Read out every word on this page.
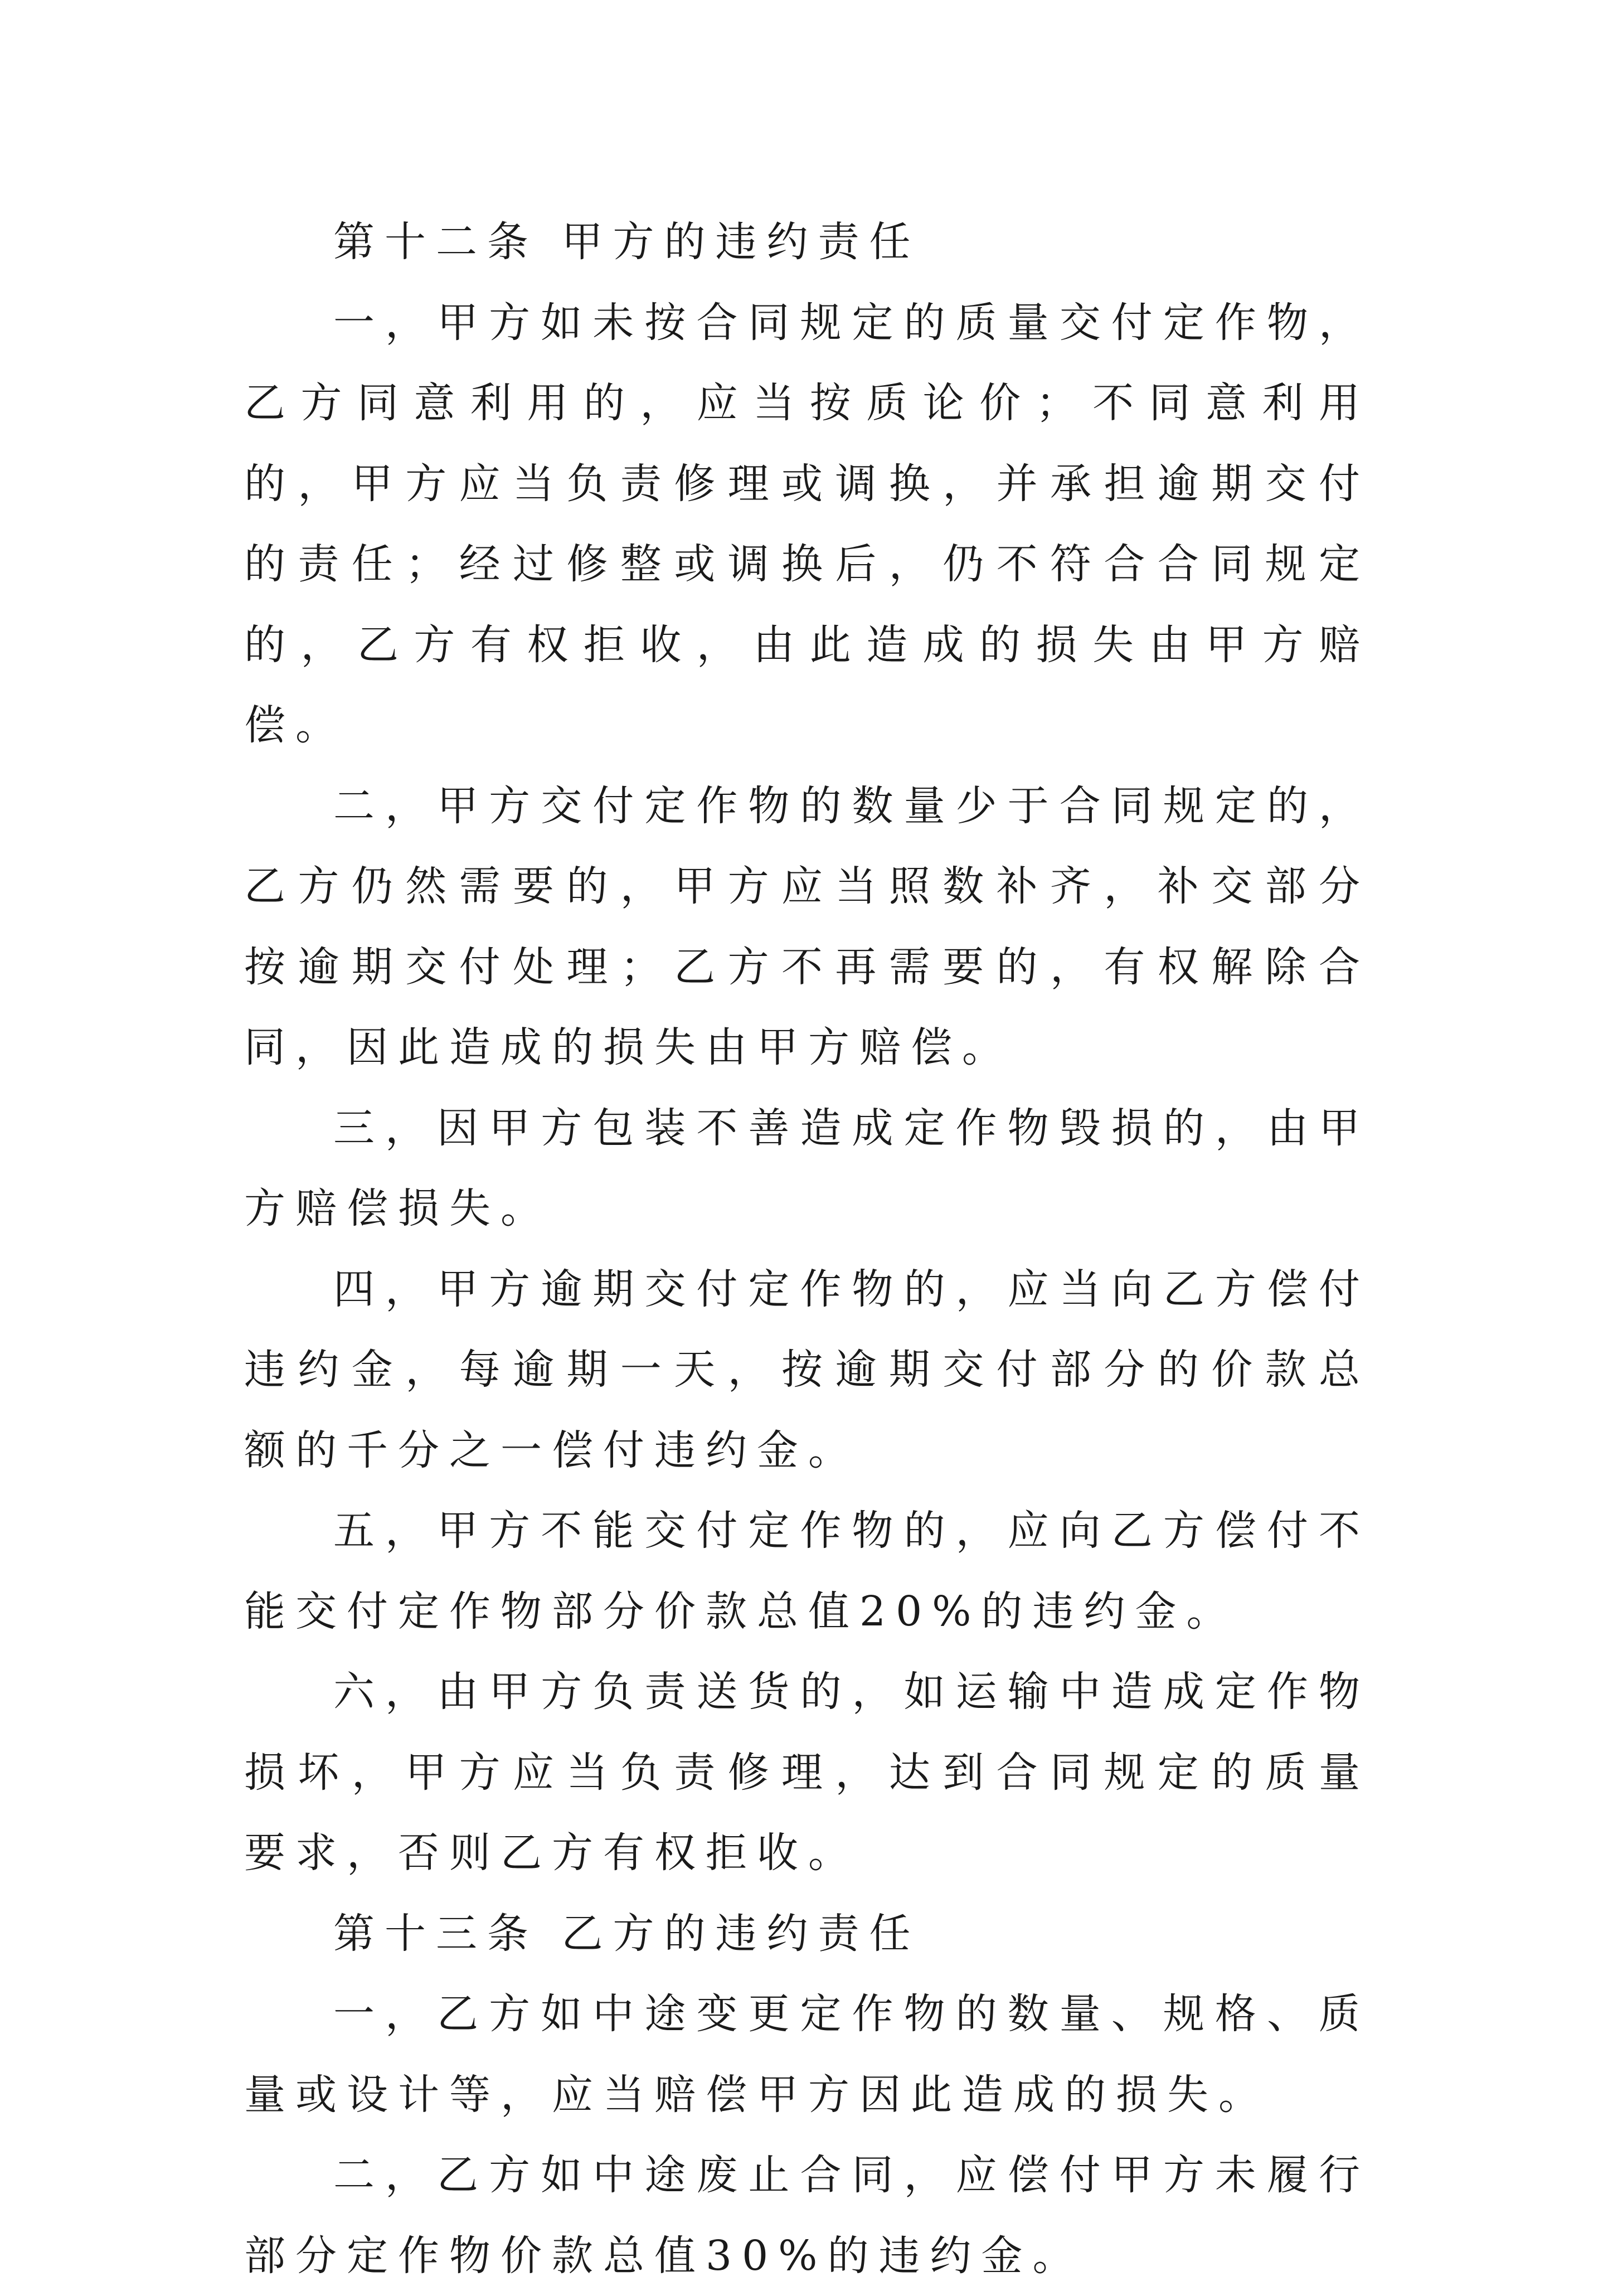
第十二条 甲方的违约责任

一，甲方如未按合同规定的质量交付定作物，乙方同意利用的，应当按质论价；不同意利用的，甲方应当负责修理或调换，并承担逾期交付的责任；经过修整或调换后，仍不符合合同规定的，乙方有权拒收，由此造成的损失由甲方赔偿。

二，甲方交付定作物的数量少于合同规定的，乙方仍然需要的，甲方应当照数补齐，补交部分按逾期交付处理；乙方不再需要的，有权解除合同，因此造成的损失由甲方赔偿。

三，因甲方包装不善造成定作物毁损的，由甲方赔偿损失。

四，甲方逾期交付定作物的，应当向乙方偿付违约金，每逾期一天，按逾期交付部分的价款总额的千分之一偿付违约金。

五，甲方不能交付定作物的，应向乙方偿付不能交付定作物部分价款总值20%的违约金。

六，由甲方负责送货的，如运输中造成定作物损坏，甲方应当负责修理，达到合同规定的质量要求，否则乙方有权拒收。

第十三条 乙方的违约责任

一，乙方如中途变更定作物的数量、规格、质量或设计等，应当赔偿甲方因此造成的损失。

二，乙方如中途废止合同，应偿付甲方未履行部分定作物价款总值30%的违约金。
